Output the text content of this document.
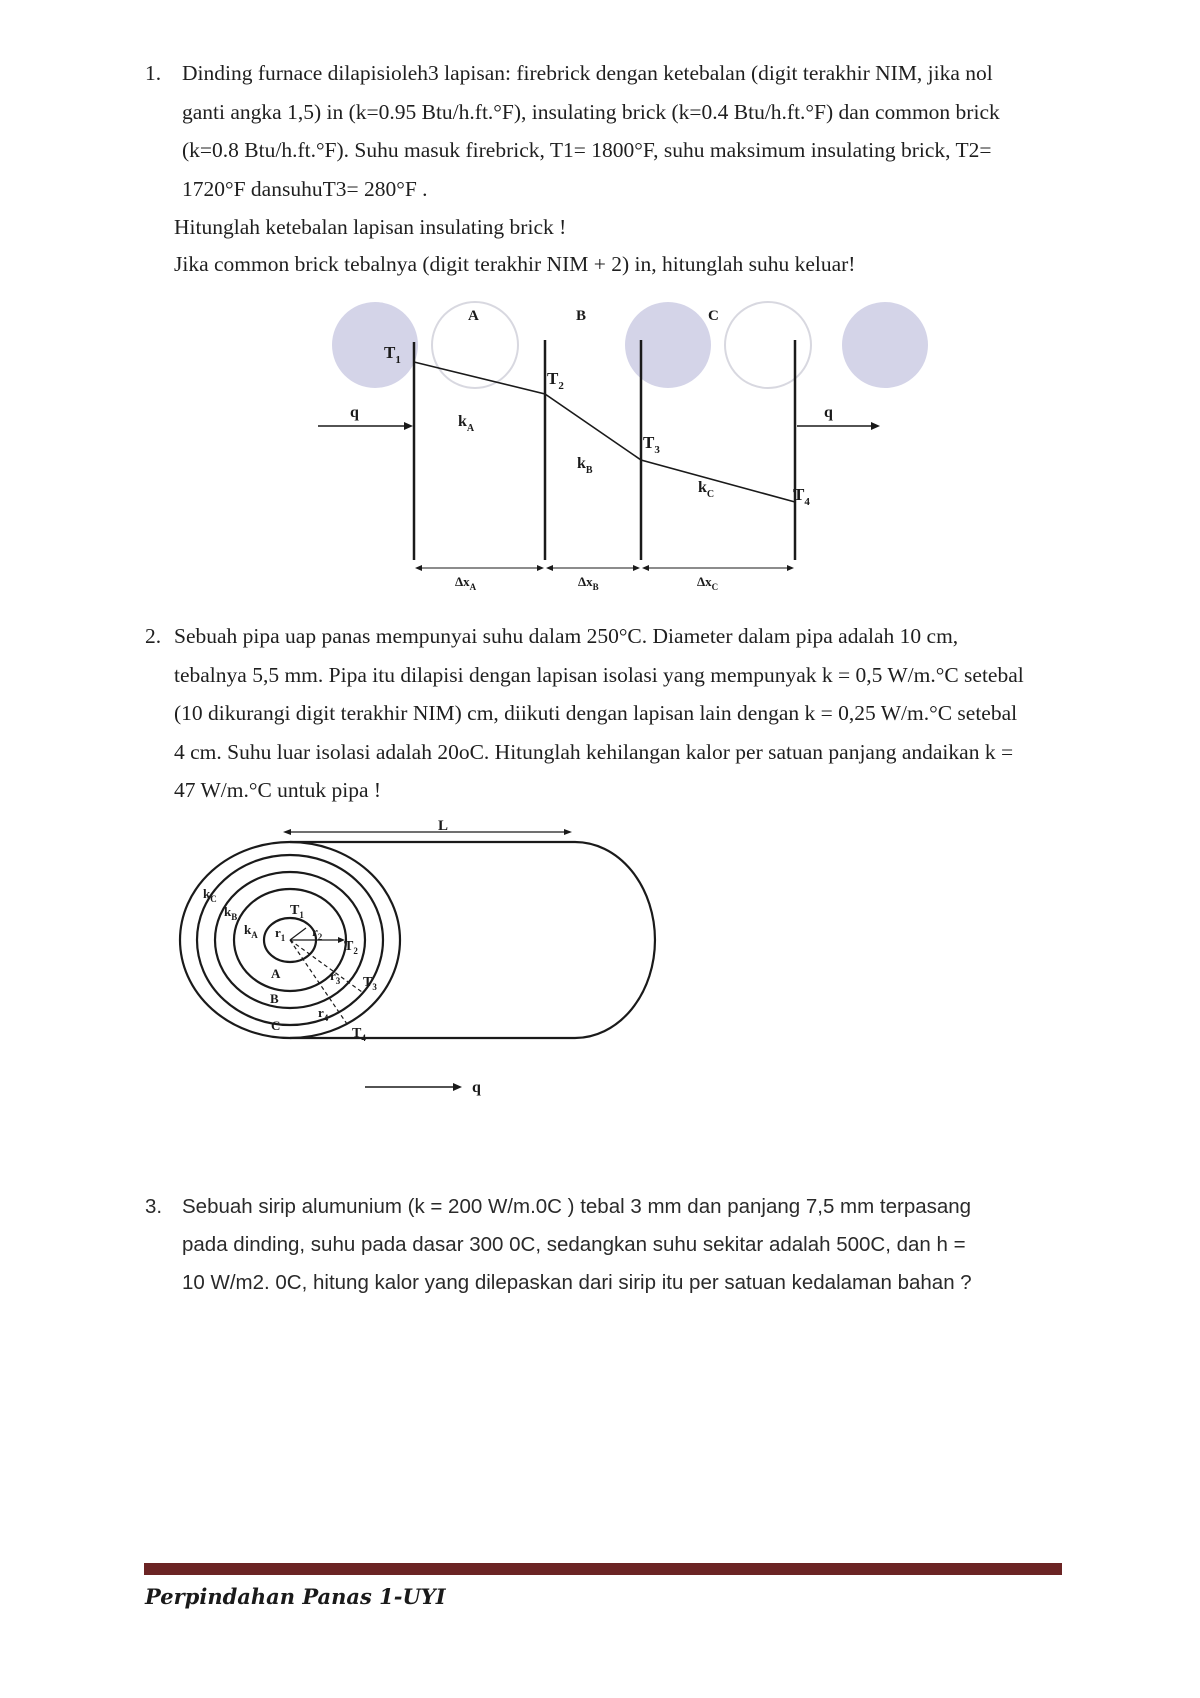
1. Dinding furnace dilapisioleh3 lapisan: firebrick dengan ketebalan (digit terakhir NIM, jika nol
ganti angka 1,5) in (k=0.95 Btu/h.ft.°F), insulating brick (k=0.4 Btu/h.ft.°F) dan common brick
(k=0.8 Btu/h.ft.°F). Suhu masuk firebrick, T1= 1800°F, suhu maksimum insulating brick, T2=
1720°F dansuhuT3= 280°F .
Hitunglah ketebalan lapisan insulating brick !
Jika common brick tebalnya (digit terakhir NIM + 2) in, hitunglah suhu keluar!
A	B	C
q	q
$T_1$
$T_2$
$T_3$
$T_4$
$k_A$
$k_B$
$k_C$
$\Delta x_A$	$\Delta x_B$	$\Delta x_C$
2. Sebuah pipa uap panas mempunyai suhu dalam 250°C. Diameter dalam pipa adalah 10 cm,
tebalnya 5,5 mm. Pipa itu dilapisi dengan lapisan isolasi yang mempunyak k = 0,5 W/m.°C setebal
(10 dikurangi digit terakhir NIM) cm, diikuti dengan lapisan lain dengan k = 0,25 W/m.°C setebal
4 cm. Suhu luar isolasi adalah 20oC. Hitunglah kehilangan kalor per satuan panjang andaikan k =
47 W/m.°C untuk pipa !
L
q
$k_C$
$k_B$
$k_A$ $r_1$ $r_2$
$r_3$
$r_4$
$T_1$
$T_2$
$T_3$
$T_4$
A
B
C
3. Sebuah sirip alumunium (k = 200 W/m.0C ) tebal 3 mm dan panjang 7,5 mm terpasang
pada dinding, suhu pada dasar 300 0C, sedangkan suhu sekitar adalah 500C, dan h =
10 W/m2. 0C, hitung kalor yang dilepaskan dari sirip itu per satuan kedalaman bahan ?
Perpindahan Panas 1-UYI
